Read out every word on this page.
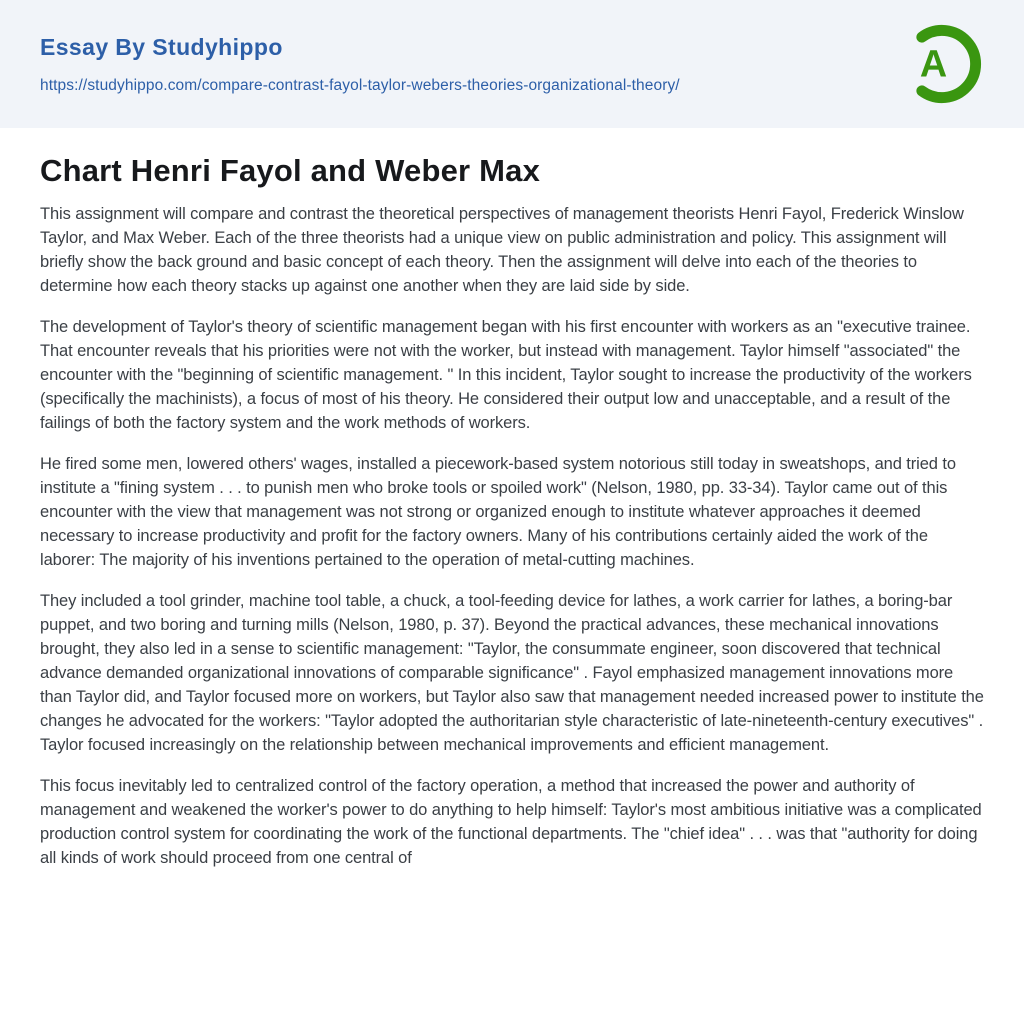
Essay By Studyhippo
https://studyhippo.com/compare-contrast-fayol-taylor-webers-theories-organizational-theory/	A
Chart Henri Fayol and Weber Max

This assignment will compare and contrast the theoretical perspectives of management theorists Henri Fayol, Frederick Winslow Taylor, and Max Weber. Each of the three theorists had a unique view on public administration and policy. This assignment will briefly show the back ground and basic concept of each theory. Then the assignment will delve into each of the theories to determine how each theory stacks up against one another when they are laid side by side.

The development of Taylor's theory of scientific management began with his first encounter with workers as an "executive trainee. That encounter reveals that his priorities were not with the worker, but instead with management. Taylor himself "associated" the encounter with the "beginning of scientific management. " In this incident, Taylor sought to increase the productivity of the workers (specifically the machinists), a focus of most of his theory. He considered their output low and unacceptable, and a result of the failings of both the factory system and the work methods of workers.

He fired some men, lowered others' wages, installed a piecework-based system notorious still today in sweatshops, and tried to institute a "fining system . . . to punish men who broke tools or spoiled work" (Nelson, 1980, pp. 33-34). Taylor came out of this encounter with the view that management was not strong or organized enough to institute whatever approaches it deemed necessary to increase productivity and profit for the factory owners. Many of his contributions certainly aided the work of the laborer: The majority of his inventions pertained to the operation of metal-cutting machines.

They included a tool grinder, machine tool table, a chuck, a tool-feeding device for lathes, a work carrier for lathes, a boring-bar puppet, and two boring and turning mills (Nelson, 1980, p. 37). Beyond the practical advances, these mechanical innovations brought, they also led in a sense to scientific management: "Taylor, the consummate engineer, soon discovered that technical advance demanded organizational innovations of comparable significance" . Fayol emphasized management innovations more than Taylor did, and Taylor focused more on workers, but Taylor also saw that management needed increased power to institute the changes he advocated for the workers: "Taylor adopted the authoritarian style characteristic of late-nineteenth-century executives" . Taylor focused increasingly on the relationship between mechanical improvements and efficient management.

This focus inevitably led to centralized control of the factory operation, a method that increased the power and authority of management and weakened the worker's power to do anything to help himself: Taylor's most ambitious initiative was a complicated production control system for coordinating the work of the functional departments. The "chief idea" . . . was that "authority for doing all kinds of work should proceed from one central of
